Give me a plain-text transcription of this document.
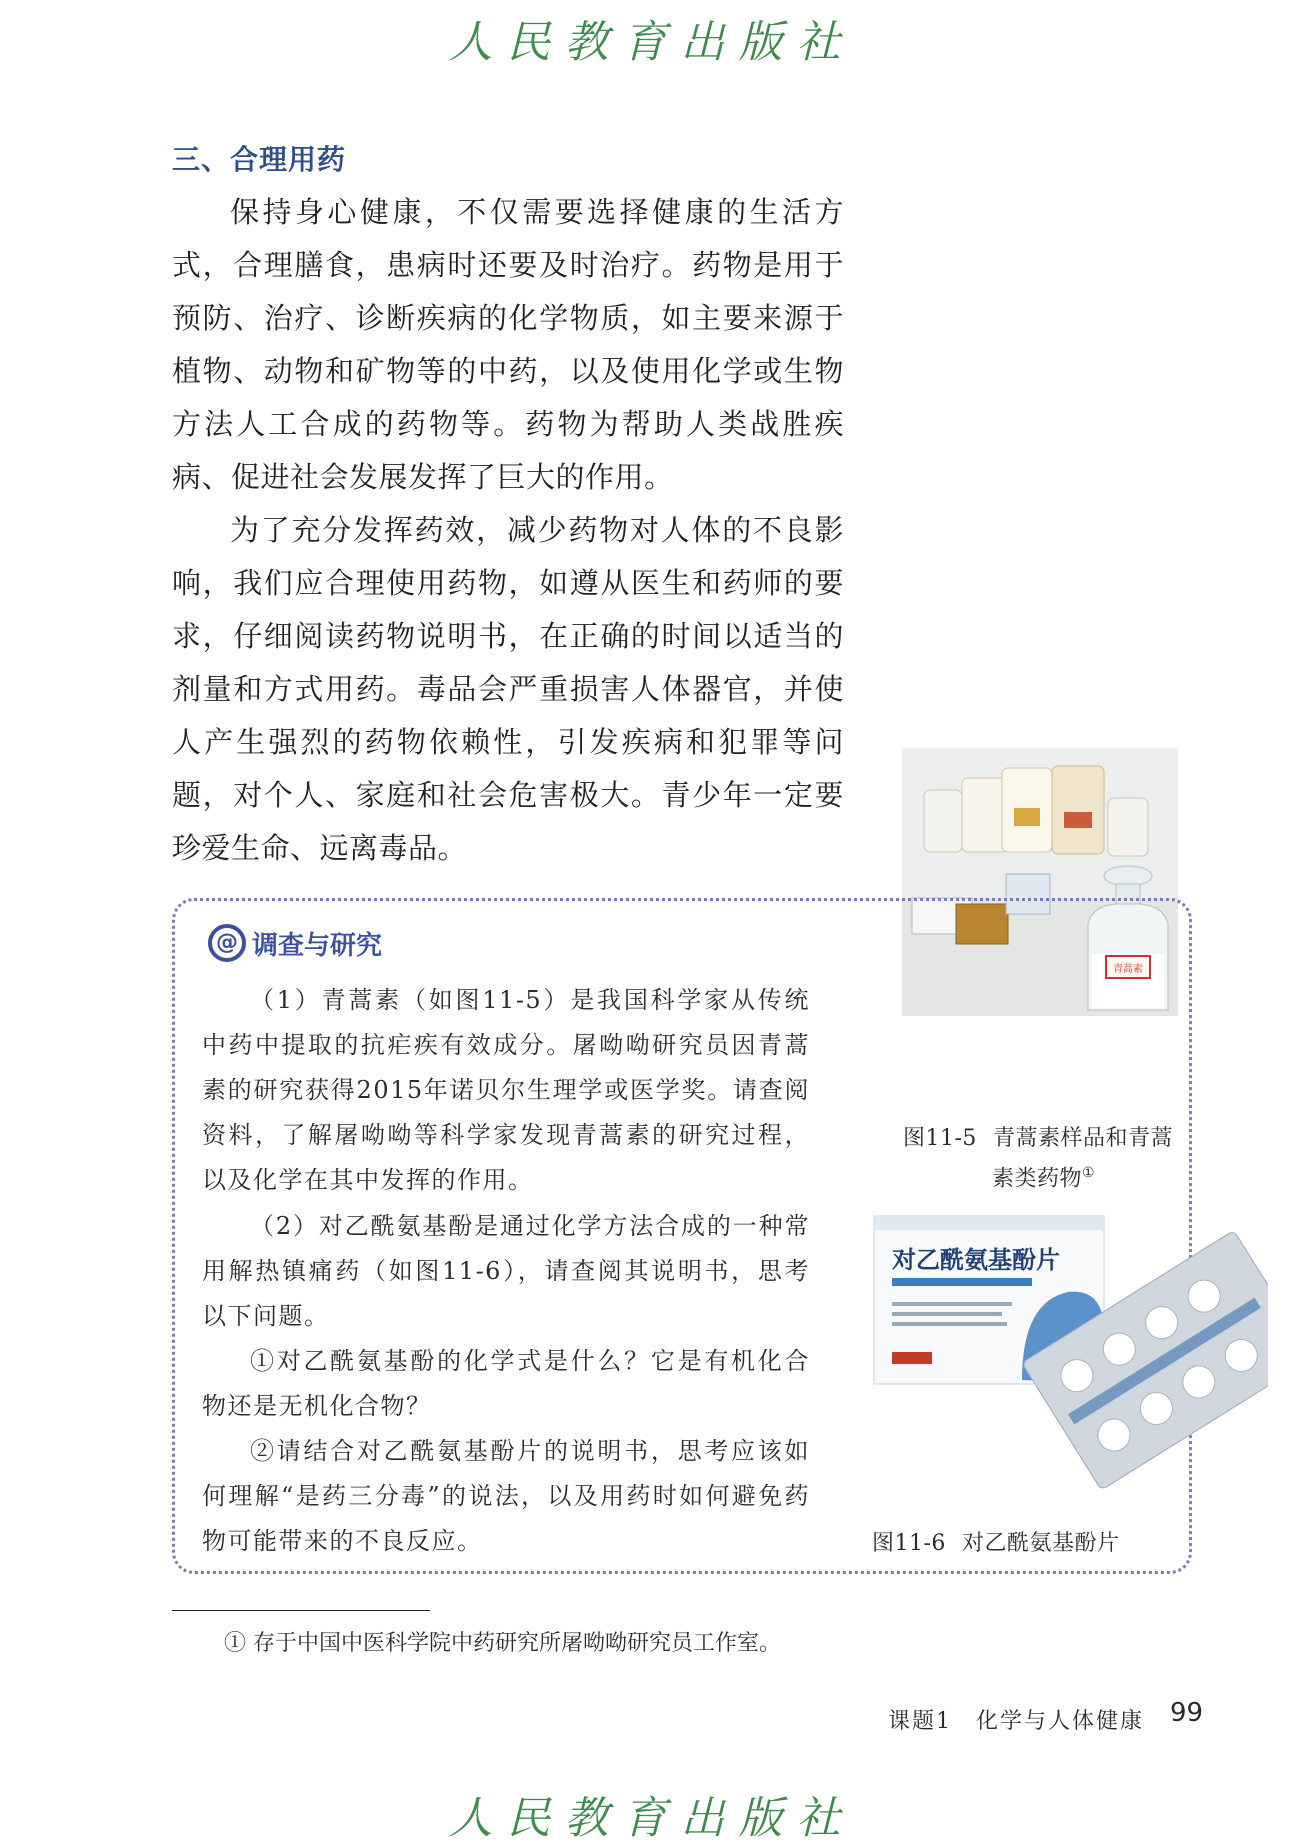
人民教育出版社
三、合理用药

保持身心健康，不仅需要选择健康的生活方式，合理膳食，患病时还要及时治疗。药物是用于预防、治疗、诊断疾病的化学物质，如主要来源于植物、动物和矿物等的中药，以及使用化学或生物方法人工合成的药物等。药物为帮助人类战胜疾病、促进社会发展发挥了巨大的作用。

为了充分发挥药效，减少药物对人体的不良影响，我们应合理使用药物，如遵从医生和药师的要求，仔细阅读药物说明书，在正确的时间以适当的剂量和方式用药。毒品会严重损害人体器官，并使人产生强烈的药物依赖性，引发疾病和犯罪等问题，对个人、家庭和社会危害极大。青少年一定要珍爱生命、远离毒品。

青蒿素
图11-5 青蒿素样品和青蒿
素类药物①
@ 调查与研究

（1）青蒿素（如图11-5）是我国科学家从传统中药中提取的抗疟疾有效成分。屠呦呦研究员因青蒿素的研究获得2015年诺贝尔生理学或医学奖。请查阅资料，了解屠呦呦等科学家发现青蒿素的研究过程，以及化学在其中发挥的作用。

（2）对乙酰氨基酚是通过化学方法合成的一种常用解热镇痛药（如图11-6），请查阅其说明书，思考以下问题。

①对乙酰氨基酚的化学式是什么？它是有机化合物还是无机化合物？

②请结合对乙酰氨基酚片的说明书，思考应该如何理解“是药三分毒”的说法，以及用药时如何避免药物可能带来的不良反应。

对乙酰氨基酚片
图11-6 对乙酰氨基酚片
① 存于中国中医科学院中药研究所屠呦呦研究员工作室。
课题1　化学与人体健康 99
人民教育出版社
